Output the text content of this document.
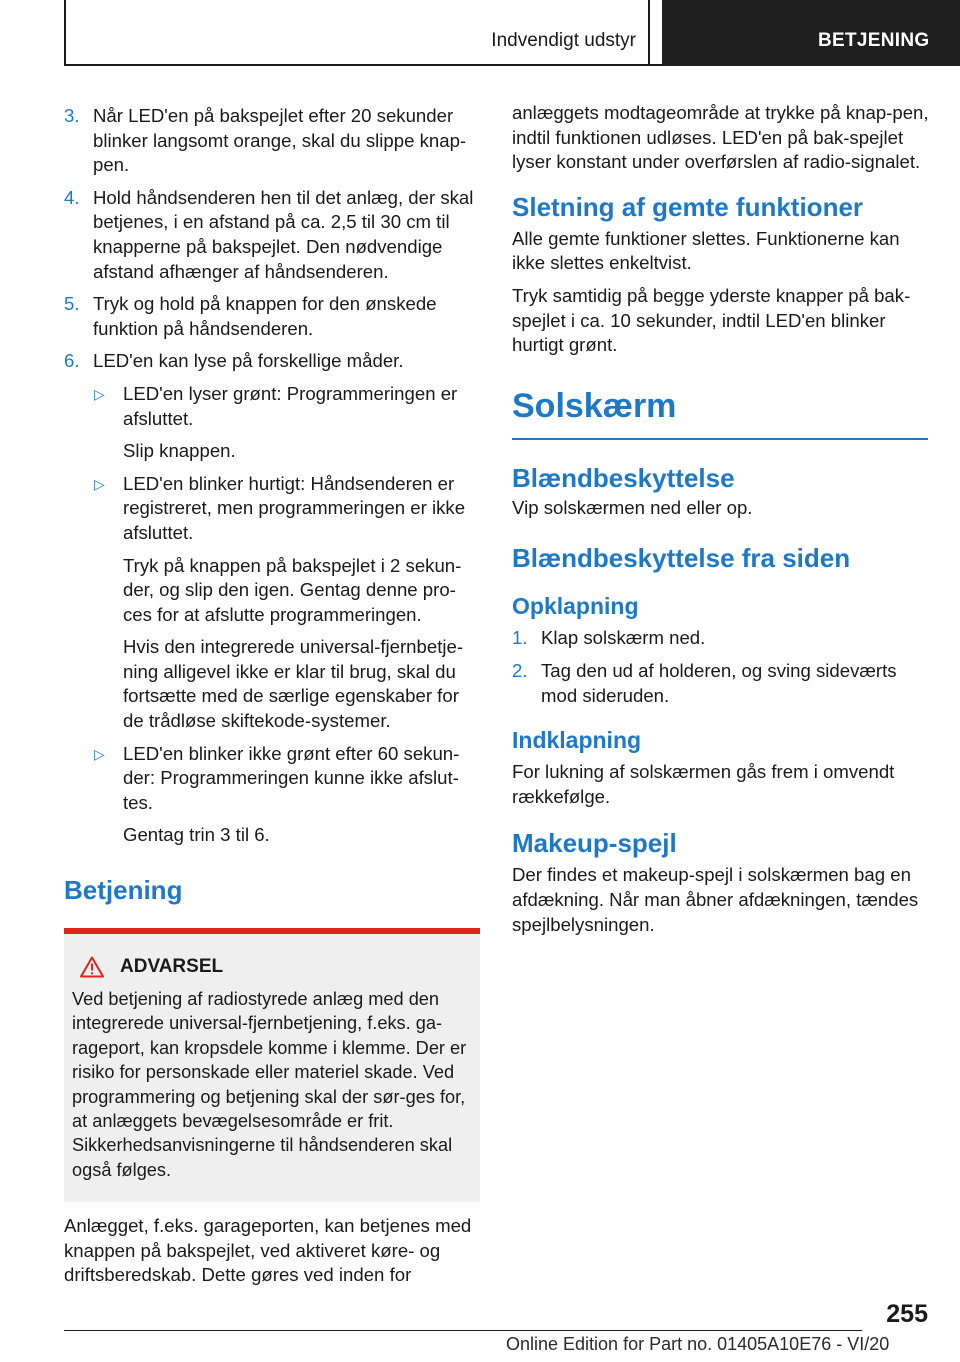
Indvendigt udstyr	BETJENING
3. Når LED'en på bakspejlet efter 20 sekunder blinker langsomt orange, skal du slippe knap-pen.
4. Hold håndsenderen hen til det anlæg, der skal betjenes, i en afstand på ca. 2,5 til 30 cm til knapperne på bakspejlet. Den nødvendige afstand afhænger af håndsenderen.
5. Tryk og hold på knappen for den ønskede funktion på håndsenderen.
6. LED'en kan lyse på forskellige måder.
▷ LED'en lyser grønt: Programmeringen er afsluttet.
Slip knappen.
▷ LED'en blinker hurtigt: Håndsenderen er registreret, men programmeringen er ikke afsluttet.
Tryk på knappen på bakspejlet i 2 sekun-der, og slip den igen. Gentag denne pro-ces for at afslutte programmeringen.
Hvis den integrerede universal-fjernbetje-ning alligevel ikke er klar til brug, skal du fortsætte med de særlige egenskaber for de trådløse skiftekode-systemer.
▷ LED'en blinker ikke grønt efter 60 sekun-der: Programmeringen kunne ikke afslut-tes.
Gentag trin 3 til 6.
Betjening
ADVARSEL
Ved betjening af radiostyrede anlæg med den integrerede universal-fjernbetjening, f.eks. ga-rageport, kan kropsdele komme i klemme. Der er risiko for personskade eller materiel skade. Ved programmering og betjening skal der sør-ges for, at anlæggets bevægelsesområde er frit. Sikkerhedsanvisningerne til håndsenderen skal også følges.
Anlægget, f.eks. garageporten, kan betjenes med knappen på bakspejlet, ved aktiveret køre- og driftsberedskab. Dette gøres ved inden for
anlæggets modtageområde at trykke på knap-pen, indtil funktionen udløses. LED'en på bak-spejlet lyser konstant under overførslen af radio-signalet.
Sletning af gemte funktioner
Alle gemte funktioner slettes. Funktionerne kan ikke slettes enkeltvist.
Tryk samtidig på begge yderste knapper på bak-spejlet i ca. 10 sekunder, indtil LED'en blinker hurtigt grønt.
Solskærm
Blændbeskyttelse
Vip solskærmen ned eller op.
Blændbeskyttelse fra siden
Opklapning
1. Klap solskærm ned.
2. Tag den ud af holderen, og sving sideværts mod sideruden.
Indklapning
For lukning af solskærmen gås frem i omvendt rækkefølge.
Makeup-spejl
Der findes et makeup-spejl i solskærmen bag en afdækning. Når man åbner afdækningen, tændes spejlbelysningen.
255
Online Edition for Part no. 01405A10E76 - VI/20
